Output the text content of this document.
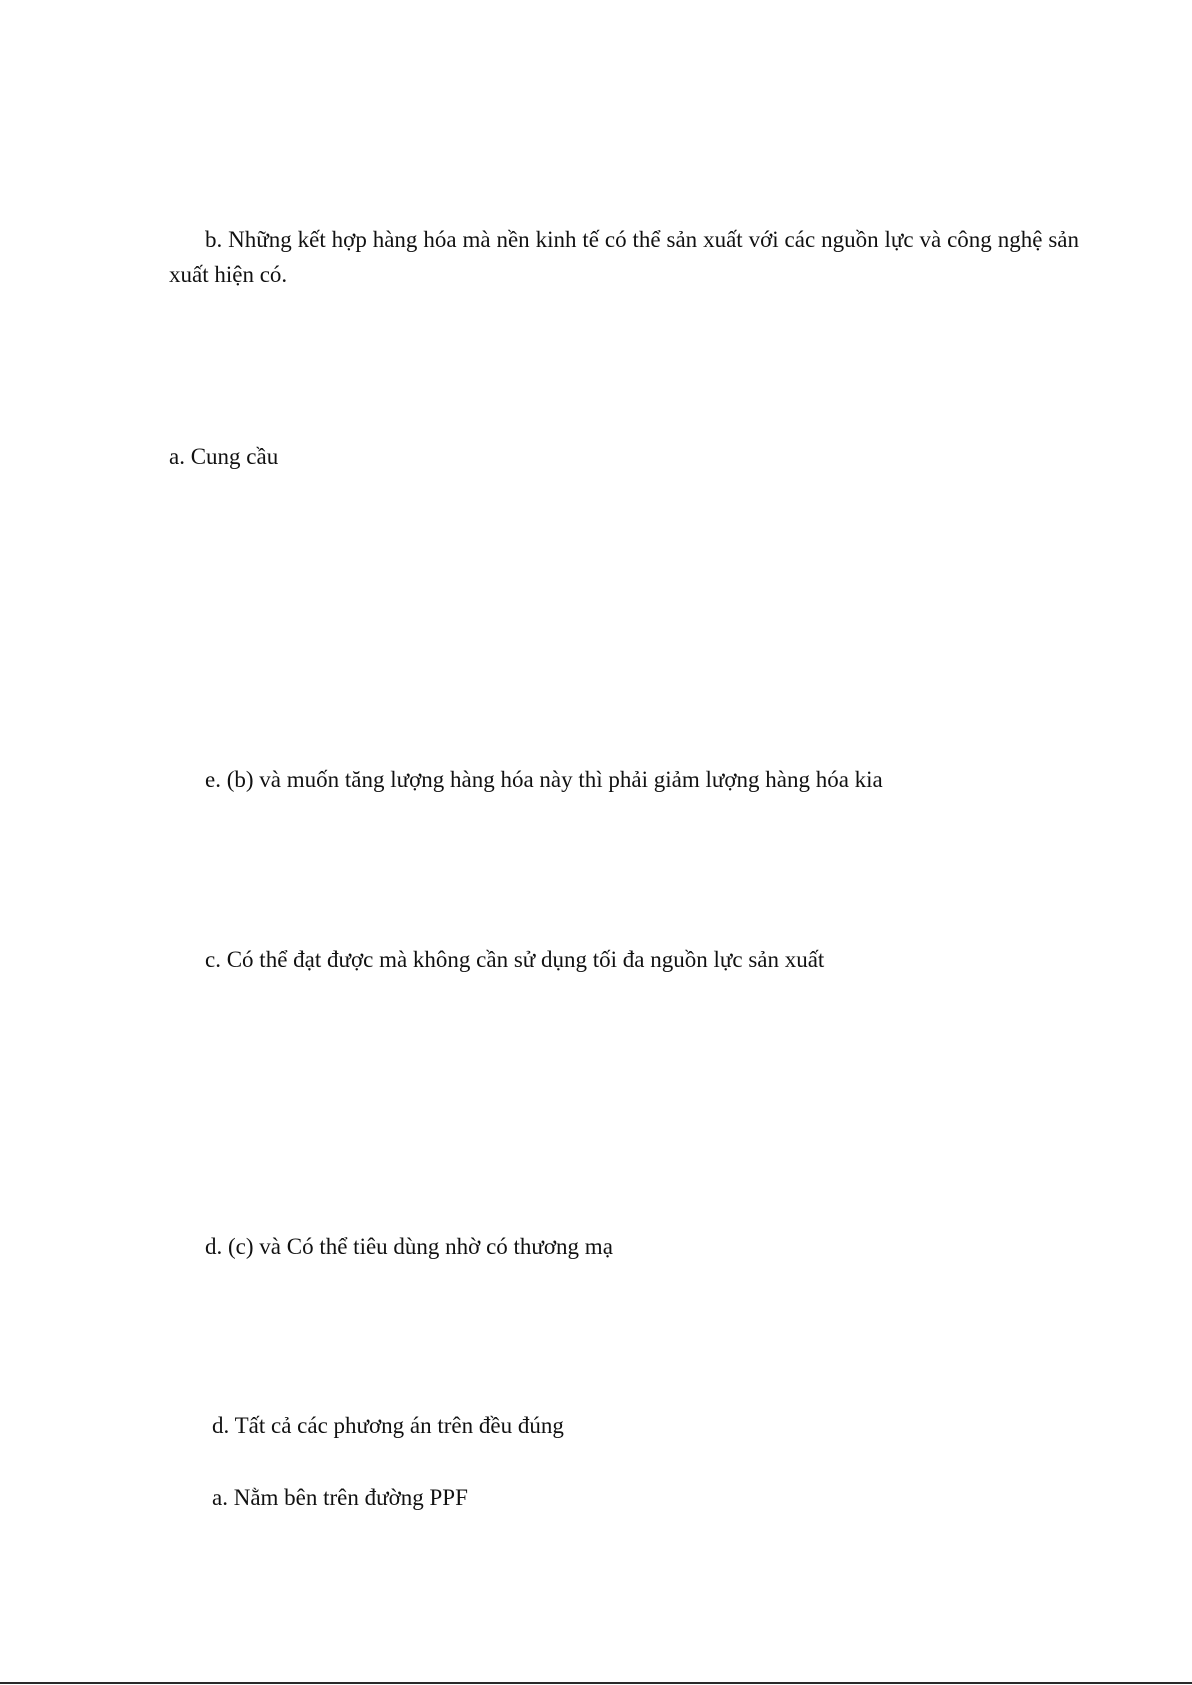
b. Những kết hợp hàng hóa mà nền kinh tế có thể sản xuất với các nguồn lực và công nghệ sản xuất hiện có.
a. Cung cầu
e. (b) và muốn tăng lượng hàng hóa này thì phải giảm lượng hàng hóa kia
c. Có thể đạt được mà không cần sử dụng tối đa nguồn lực sản xuất
d. (c) và Có thể tiêu dùng nhờ có thương mạ
d. Tất cả các phương án trên đều đúng
a. Nằm bên trên đường PPF
